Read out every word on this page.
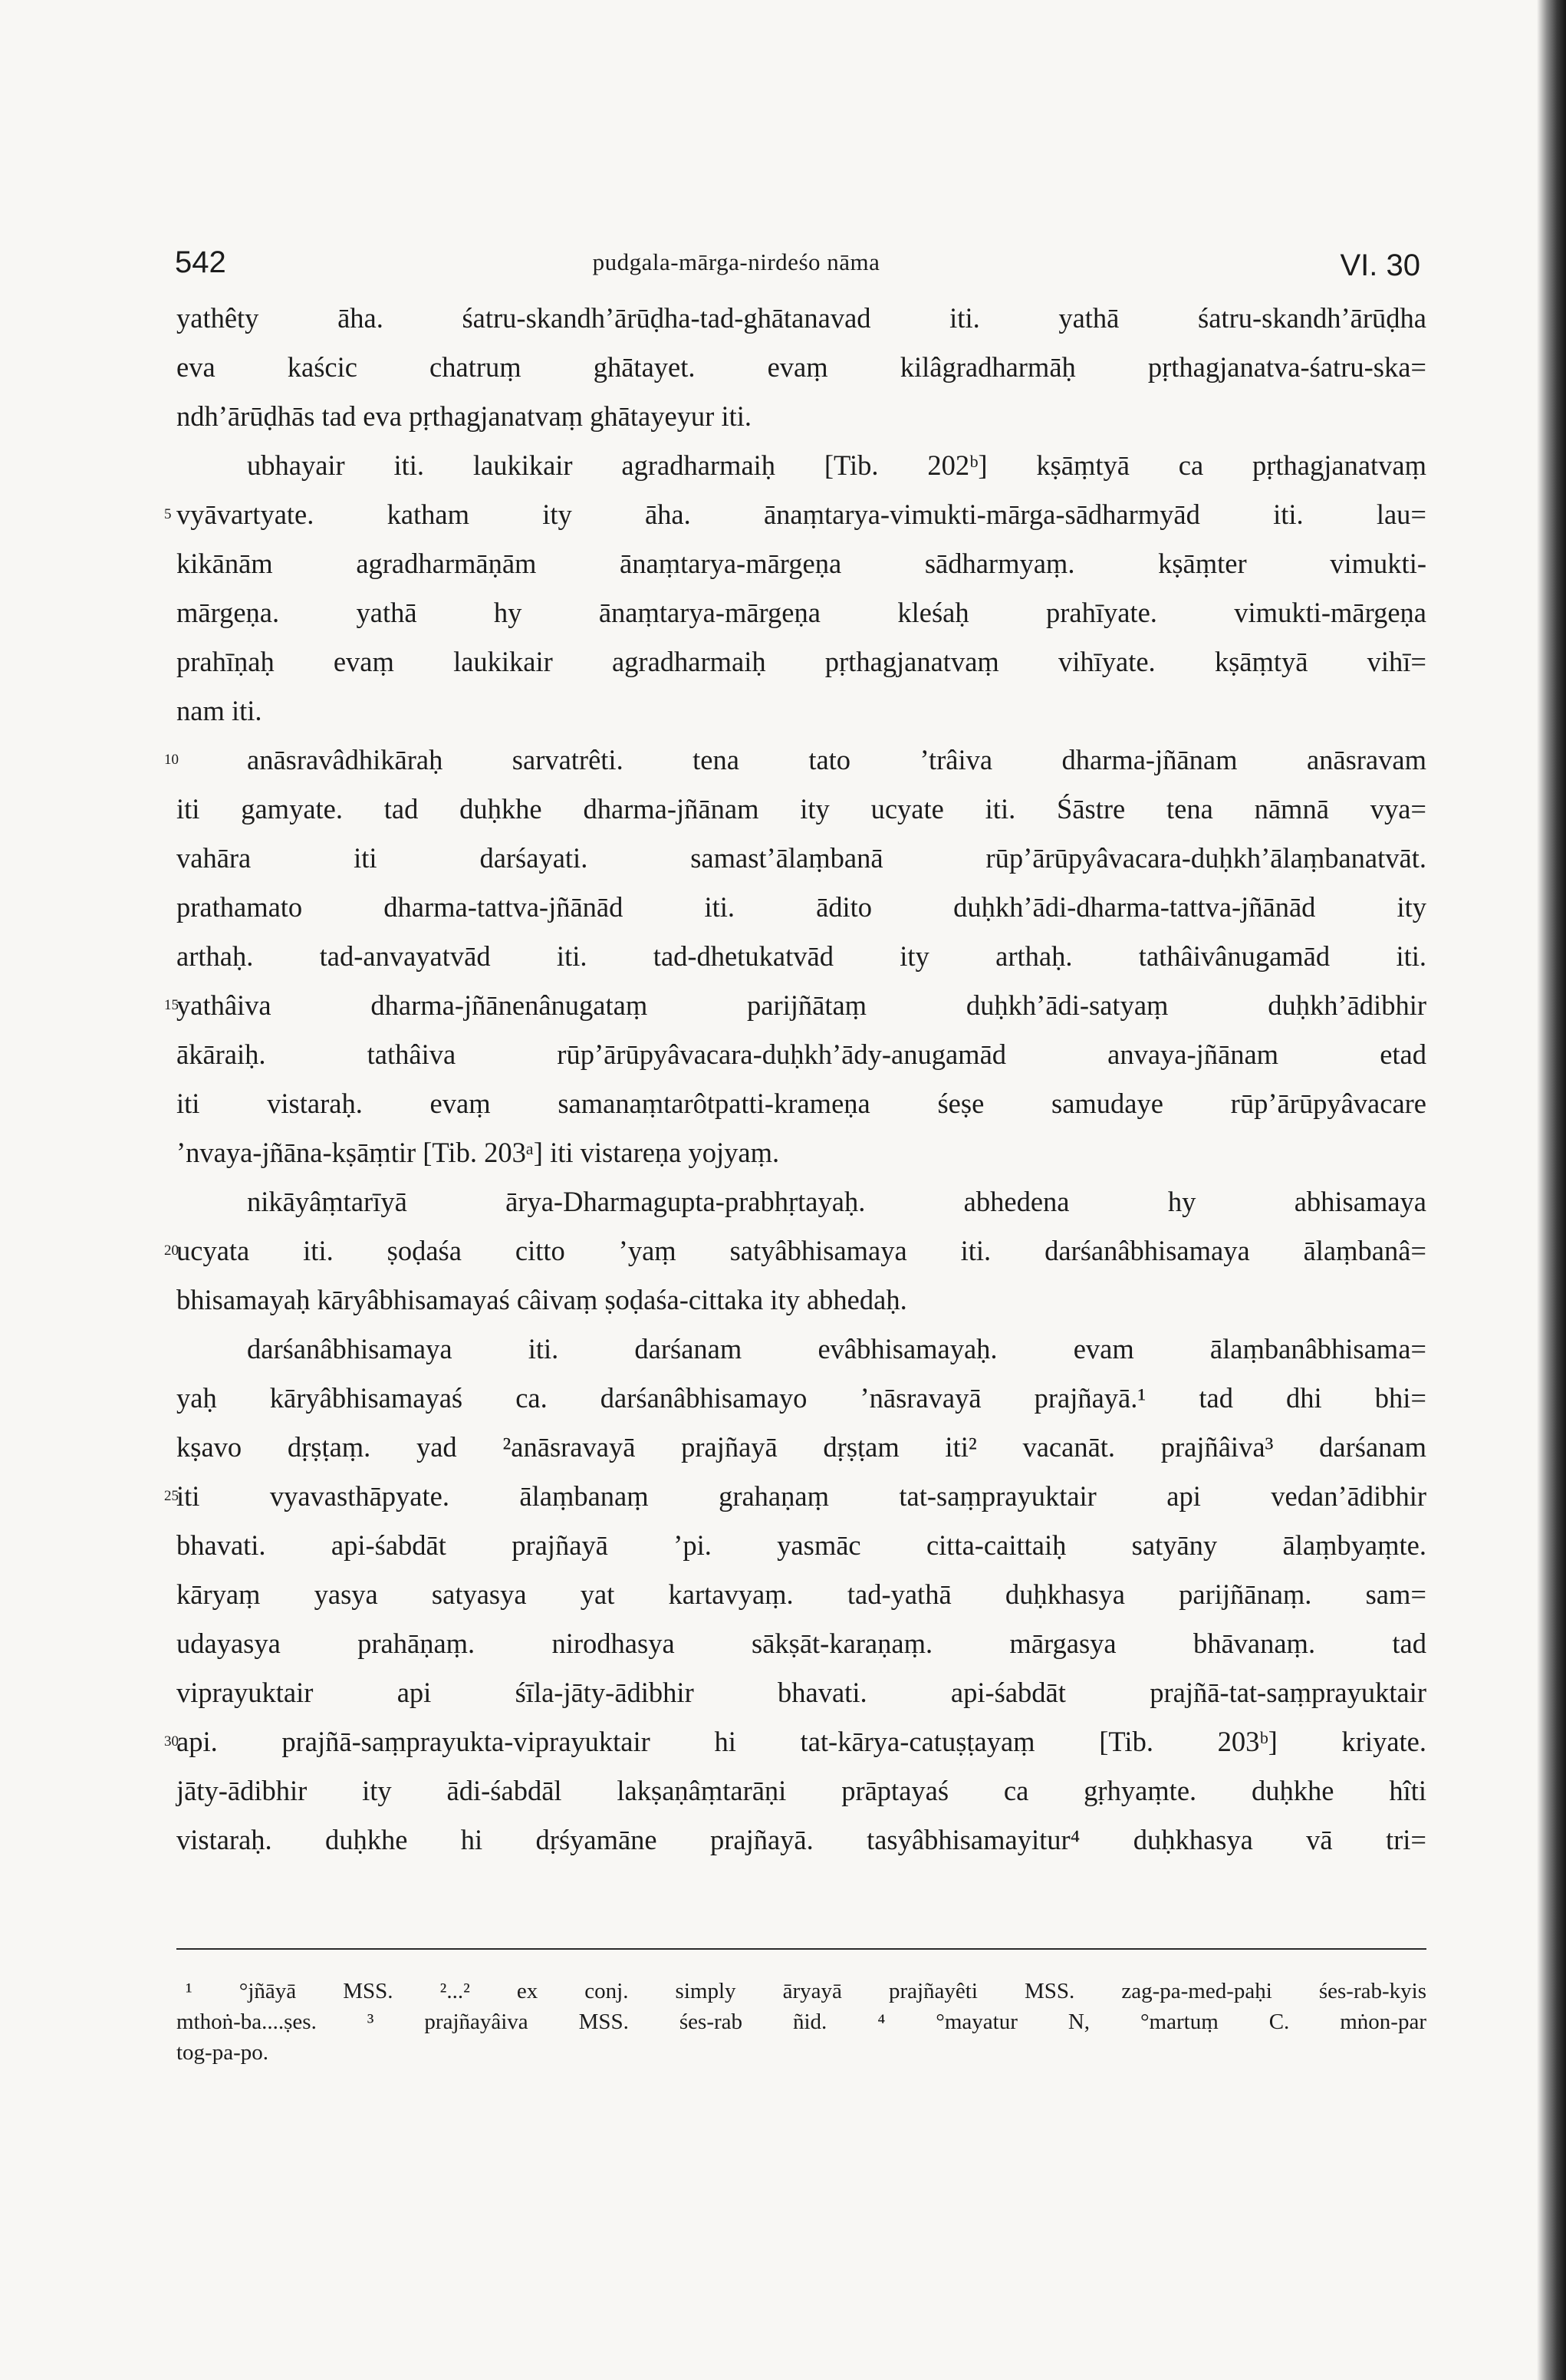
542	pudgala-mārga-nirdeśo nāma	VI. 30
yathêty āha. śatru-skandh’ārūḍha-tad-ghātanavad iti. yathā śatru-skandh’ārūḍha
eva kaścic chatruṃ ghātayet. evaṃ kilâgradharmāḥ pṛthagjanatva-śatru-ska=
ndh’ārūḍhās tad eva pṛthagjanatvaṃ ghātayeyur iti.
ubhayair iti. laukikair agradharmaiḥ [Tib. 202ᵇ] kṣāṃtyā ca pṛthagjanatvaṃ
5 vyāvartyate. katham ity āha. ānaṃtarya-vimukti-mārga-sādharmyād iti. lau=
kikānām agradharmāṇām ānaṃtarya-mārgeṇa sādharmyaṃ. kṣāṃter vimukti-
mārgeṇa. yathā hy ānaṃtarya-mārgeṇa kleśaḥ prahīyate. vimukti-mārgeṇa
prahīṇaḥ evaṃ laukikair agradharmaiḥ pṛthagjanatvaṃ vihīyate. kṣāṃtyā vihī=
nam iti.
10	anāsravâdhikāraḥ sarvatrêti. tena tato ’trâiva dharma-jñānam anāsravam
iti gamyate. tad duḥkhe dharma-jñānam ity ucyate iti. Śāstre tena nāmnā vya=
vahāra iti darśayati. samast’ālaṃbanā rūp’ārūpyâvacara-duḥkh’ālaṃbanatvāt.
prathamato dharma-tattva-jñānād iti. ādito duḥkh’ādi-dharma-tattva-jñānād ity
arthaḥ. tad-anvayatvād iti. tad-dhetukatvād ity arthaḥ. tathâivânugamād iti.
15
yathâiva dharma-jñānenânugataṃ parijñātaṃ duḥkh’ādi-satyaṃ duḥkh’ādibhir
ākāraiḥ. tathâiva rūp’ārūpyâvacara-duḥkh’ādy-anugamād anvaya-jñānam etad
iti vistaraḥ. evaṃ samanaṃtarôtpatti-krameṇa śeṣe samudaye rūp’ārūpyâvacare
’nvaya-jñāna-kṣāṃtir [Tib. 203ᵃ] iti vistareṇa yojyaṃ.
nikāyâṃtarīyā ārya-Dharmagupta-prabhṛtayaḥ. abhedena hy abhisamaya
20
ucyata iti. ṣoḍaśa citto ’yaṃ satyâbhisamaya iti. darśanâbhisamaya ālaṃbanâ=
bhisamayaḥ kāryâbhisamayaś câivaṃ ṣoḍaśa-cittaka ity abhedaḥ.
darśanâbhisamaya iti. darśanam evâbhisamayaḥ. evam ālaṃbanâbhisama=
yaḥ kāryâbhisamayaś ca. darśanâbhisamayo ’nāsravayā prajñayā.¹ tad dhi bhi=
kṣavo dṛṣṭaṃ. yad ²anāsravayā prajñayā dṛṣṭam iti² vacanāt. prajñâiva³ darśanam
25
iti vyavasthāpyate. ālaṃbanaṃ grahaṇaṃ tat-saṃprayuktair api vedan’ādibhir
bhavati. api-śabdāt prajñayā ’pi. yasmāc citta-caittaiḥ satyāny ālaṃbyaṃte.
kāryaṃ yasya satyasya yat kartavyaṃ. tad-yathā duḥkhasya parijñānaṃ. sam=
udayasya prahāṇaṃ. nirodhasya sākṣāt-karaṇaṃ. mārgasya bhāvanaṃ. tad
viprayuktair api śīla-jāty-ādibhir bhavati. api-śabdāt prajñā-tat-saṃprayuktair
30
api. prajñā-saṃprayukta-viprayuktair hi tat-kārya-catuṣṭayaṃ [Tib. 203ᵇ] kriyate.
jāty-ādibhir ity ādi-śabdāl lakṣaṇâṃtarāṇi prāptayaś ca gṛhyaṃte. duḥkhe hîti
vistaraḥ. duḥkhe hi dṛśyamāne prajñayā. tasyâbhisamayitur⁴ duḥkhasya vā tri=
¹ °jñāyā MSS. ²...² ex conj. simply āryayā prajñayêti MSS. zag-pa-med-paḥi śes-rab-kyis
mthoṅ-ba....ṣes. ³ prajñayâiva MSS. śes-rab ñid. ⁴ °mayatur N, °martuṃ C. mṅon-par
tog-pa-po.
